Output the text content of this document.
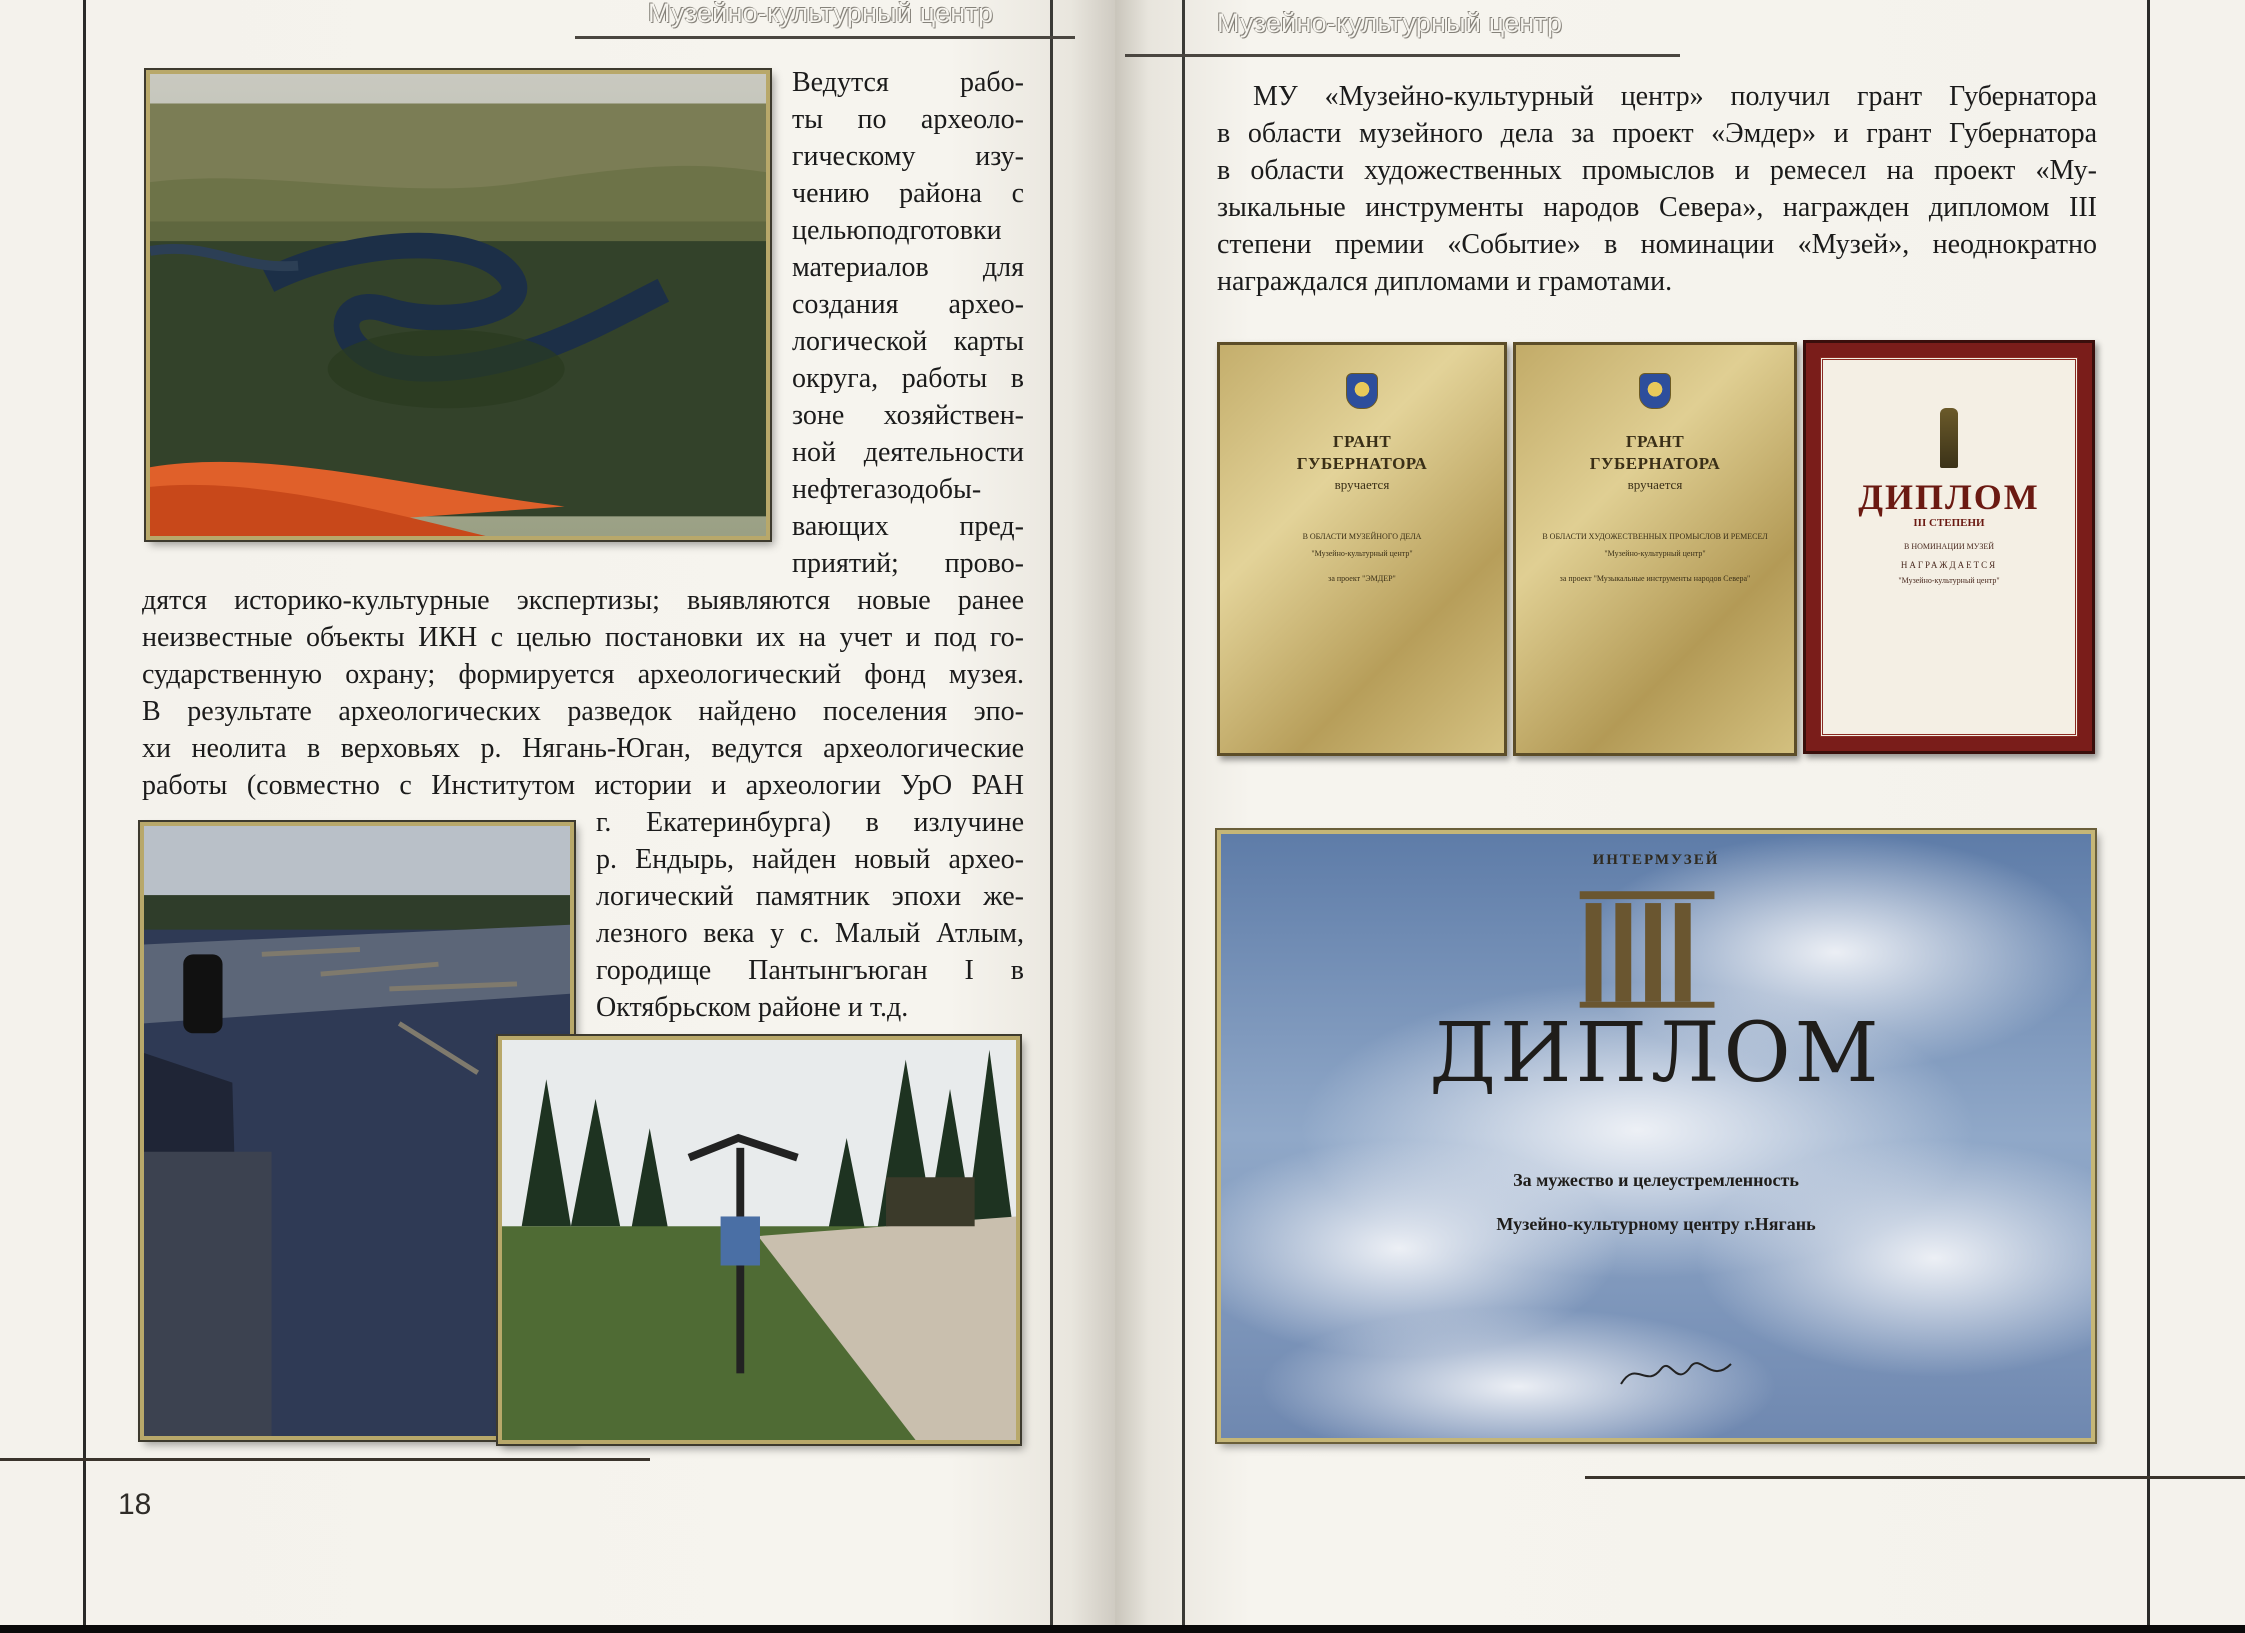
Музейно-культурный центр

Ведутся рабо-

ты по археоло-

гическому изу-

чению района с

цельюподготовки

материалов для

создания архео-

логической карты

округа, работы в

зоне хозяйствен-

ной деятельности

нефтегазодобы-

вающих пред-

приятий; прово-

дятся историко-культурные экспертизы; выявляются новые ранее

неизвестные объекты ИКН с целью постановки их на учет и под го-

сударственную охрану; формируется археологический фонд музея.

В результате археологических разведок найдено поселения эпо-

хи неолита в верховьях р. Нягань-Юган, ведутся археологические

работы (совместно с Институтом истории и археологии УрО РАН

г. Екатеринбурга) в излучине

р. Ендырь, найден новый архео-

логический памятник эпохи же-

лезного века у с. Малый Атлым,

городище Пантынгъюган I в

Октябрьском районе и т.д.

18
Музейно-культурный центр

МУ «Музейно-культурный центр» получил грант Губернатора

в области музейного дела за проект «Эмдер» и грант Губернатора

в области художественных промыслов и ремесел на проект «Му-

зыкальные инструменты народов Севера», награжден дипломом III

степени премии «Событие» в номинации «Музей», неоднократно

награждался дипломами и грамотами.

ГРАНТ
ГУБЕРНАТОРА
вручается
В ОБЛАСТИ МУЗЕЙНОГО ДЕЛА
"Музейно-культурный центр"
за проект "ЭМДЕР"
ГРАНТ
ГУБЕРНАТОРА
вручается
В ОБЛАСТИ ХУДОЖЕСТВЕННЫХ ПРОМЫСЛОВ И РЕМЕСЕЛ
"Музейно-культурный центр"
за проект "Музыкальные инструменты народов Севера"
ДИПЛОМ
III СТЕПЕНИ
В НОМИНАЦИИ МУЗЕЙ
НАГРАЖДАЕТСЯ
"Музейно-культурный центр"
ИНТЕРМУЗЕЙ
ДИПЛОМ
За мужество и целеустремленность
Музейно-культурному центру г.Нягань
